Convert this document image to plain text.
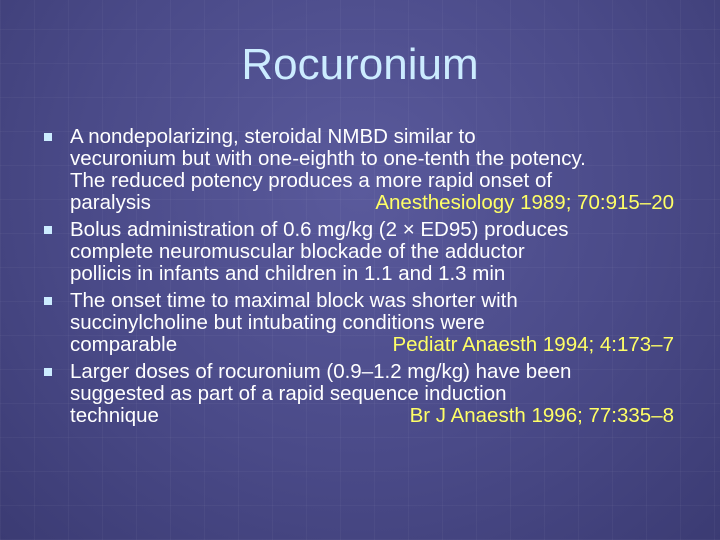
Rocuronium
A nondepolarizing, steroidal NMBD similar to
vecuronium but with one-eighth to one-tenth the potency.
The reduced potency produces a more rapid onset of
paralysis	Anesthesiology 1989; 70:915–20
Bolus administration of 0.6 mg/kg (2 × ED95) produces
complete neuromuscular blockade of the adductor
pollicis in infants and children in 1.1 and 1.3 min
The onset time to maximal block was shorter with
succinylcholine but intubating conditions were
comparable	Pediatr Anaesth 1994; 4:173–7
Larger doses of rocuronium (0.9–1.2 mg/kg) have been
suggested as part of a rapid sequence induction
technique	Br J Anaesth 1996; 77:335–8
